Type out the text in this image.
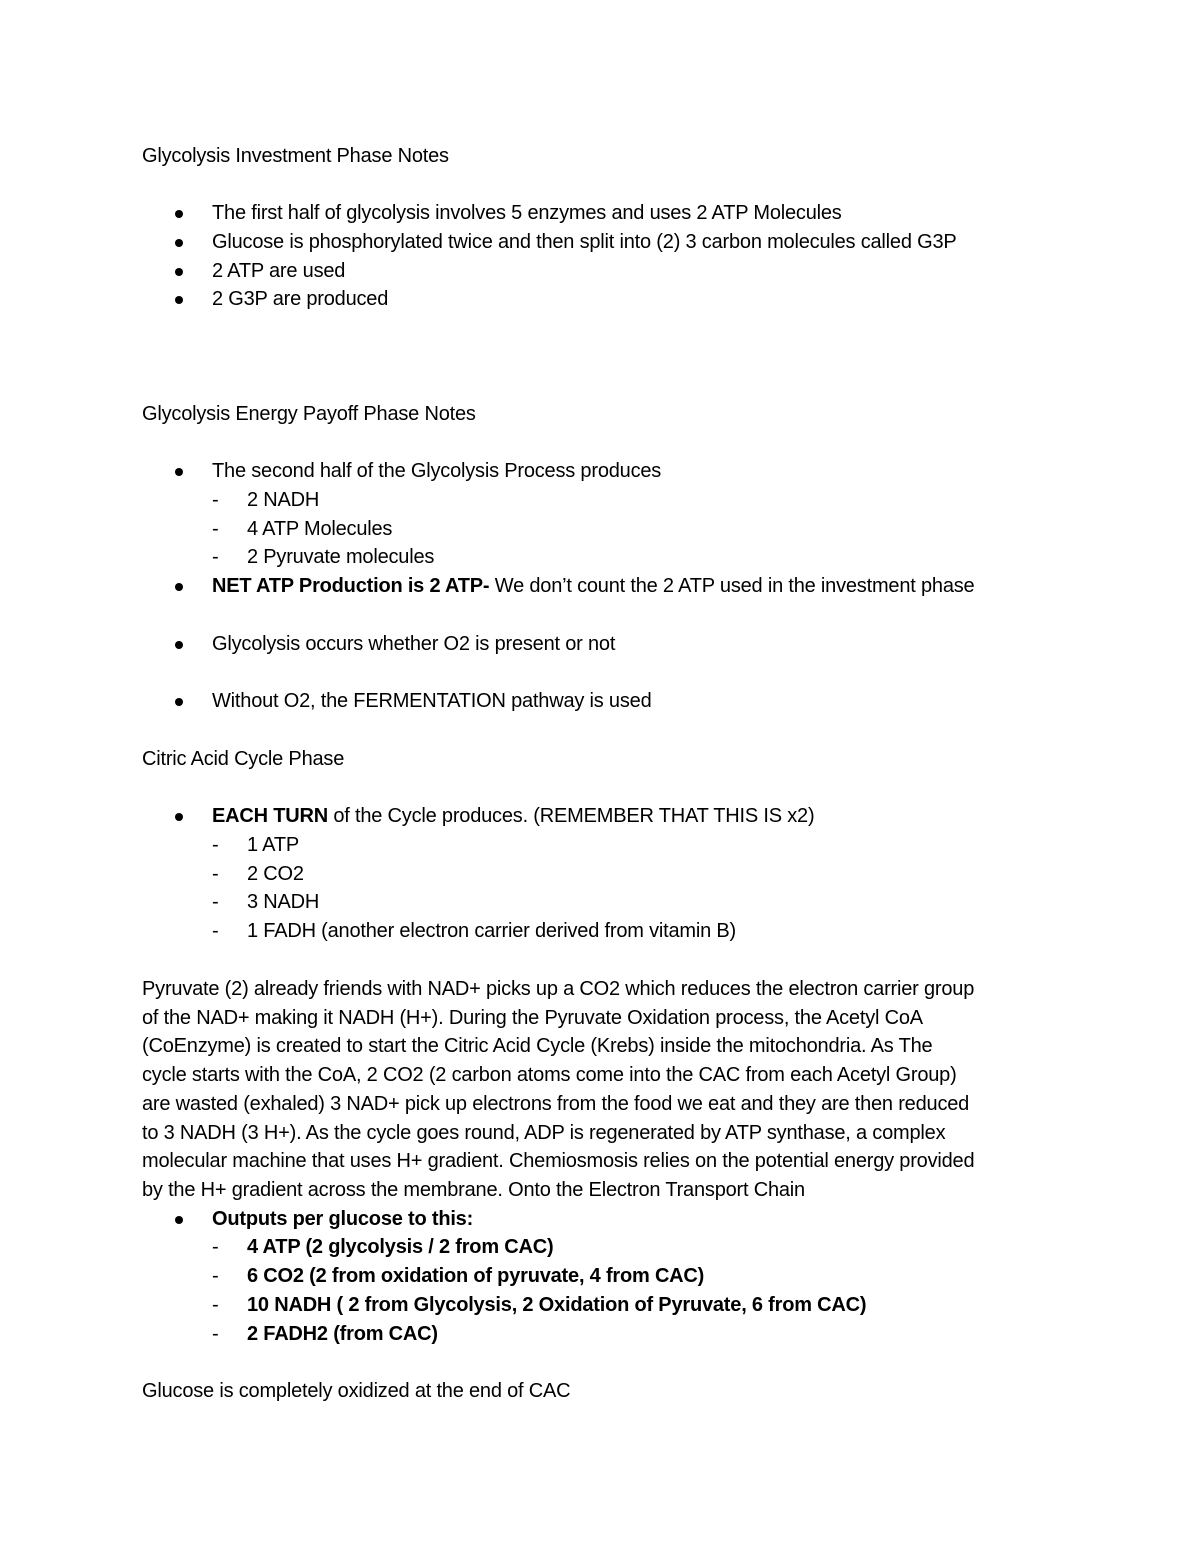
Glycolysis Investment Phase Notes
The first half of glycolysis involves 5 enzymes and uses 2 ATP Molecules
Glucose is phosphorylated twice and then split into (2) 3 carbon molecules called G3P
2 ATP are used
2 G3P are produced
Glycolysis Energy Payoff Phase Notes
The second half of the Glycolysis Process produces
- 2 NADH
- 4 ATP Molecules
- 2 Pyruvate molecules
NET ATP Production is 2 ATP- We don’t count the 2 ATP used in the investment phase
Glycolysis occurs whether O2 is present or not
Without O2, the FERMENTATION pathway is used
Citric Acid Cycle Phase
EACH TURN of the Cycle produces. (REMEMBER THAT THIS IS x2)
- 1 ATP
- 2 CO2
- 3 NADH
- 1 FADH (another electron carrier derived from vitamin B)
Pyruvate (2) already friends with NAD+ picks up a CO2 which reduces the electron carrier group
of the NAD+ making it NADH (H+). During the Pyruvate Oxidation process, the Acetyl CoA
(CoEnzyme) is created to start the Citric Acid Cycle (Krebs) inside the mitochondria. As The
cycle starts with the CoA, 2 CO2 (2 carbon atoms come into the CAC from each Acetyl Group)
are wasted (exhaled) 3 NAD+ pick up electrons from the food we eat and they are then reduced
to 3 NADH (3 H+). As the cycle goes round, ADP is regenerated by ATP synthase, a complex
molecular machine that uses H+ gradient. Chemiosmosis relies on the potential energy provided
by the H+ gradient across the membrane. Onto the Electron Transport Chain
Outputs per glucose to this:
- 4 ATP (2 glycolysis / 2 from CAC)
- 6 CO2 (2 from oxidation of pyruvate, 4 from CAC)
- 10 NADH ( 2 from Glycolysis, 2 Oxidation of Pyruvate, 6 from CAC)
- 2 FADH2 (from CAC)
Glucose is completely oxidized at the end of CAC
